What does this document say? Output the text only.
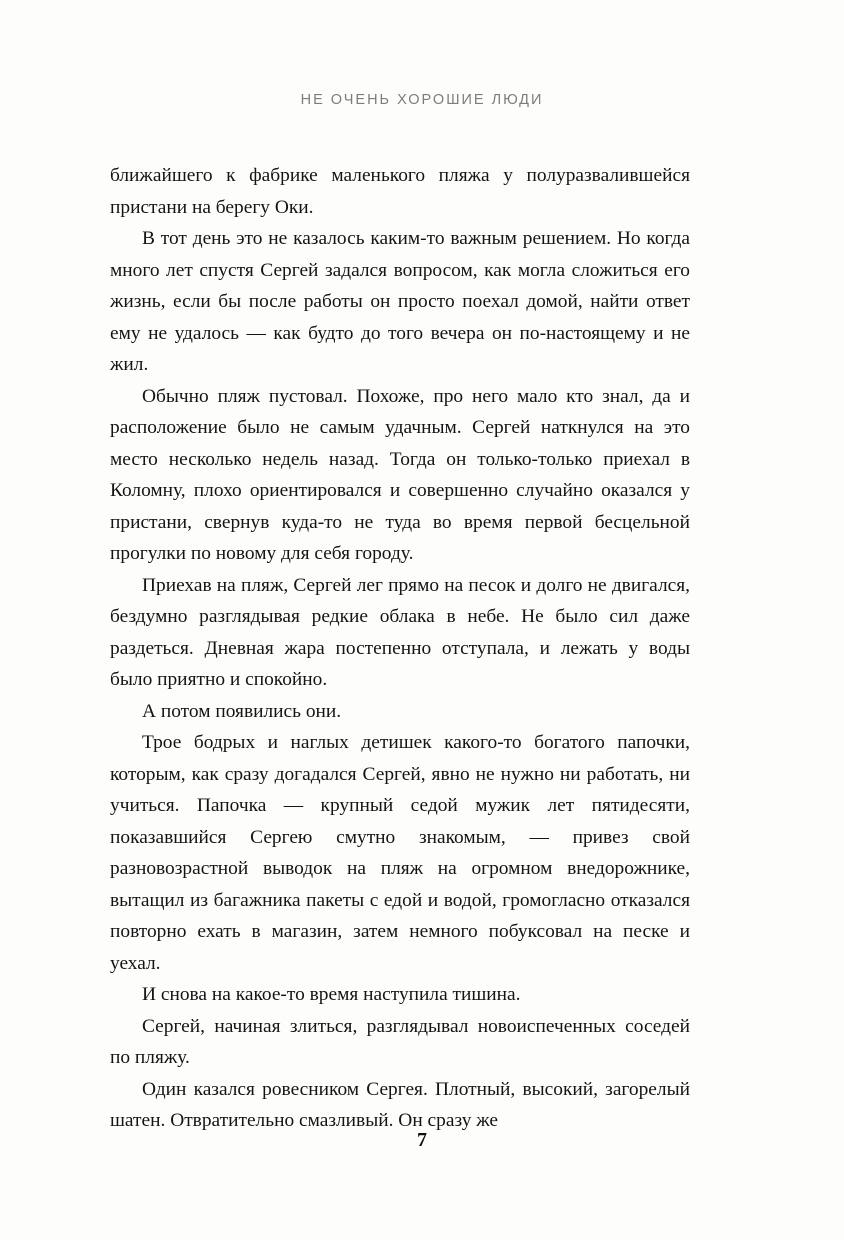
НЕ ОЧЕНЬ ХОРОШИЕ ЛЮДИ

ближайшего к фабрике маленького пляжа у полуразвалившейся пристани на берегу Оки.

В тот день это не казалось каким-то важным решением. Но когда много лет спустя Сергей задался вопросом, как могла сложиться его жизнь, если бы после работы он просто поехал домой, найти ответ ему не удалось — как будто до того вечера он по-настоящему и не жил.

Обычно пляж пустовал. Похоже, про него мало кто знал, да и расположение было не самым удачным. Сергей наткнулся на это место несколько недель назад. Тогда он только-только приехал в Коломну, плохо ориентировался и совершенно случайно оказался у пристани, свернув куда-то не туда во время первой бесцельной прогулки по новому для себя городу.

Приехав на пляж, Сергей лег прямо на песок и долго не двигался, бездумно разглядывая редкие облака в небе. Не было сил даже раздеться. Дневная жара постепенно отступала, и лежать у воды было приятно и спокойно.

А потом появились они.

Трое бодрых и наглых детишек какого-то богатого папочки, которым, как сразу догадался Сергей, явно не нужно ни работать, ни учиться. Папочка — крупный седой мужик лет пятидесяти, показавшийся Сергею смутно знакомым, — привез свой разновозрастной выводок на пляж на огромном внедорожнике, вытащил из багажника пакеты с едой и водой, громогласно отказался повторно ехать в магазин, затем немного побуксовал на песке и уехал.

И снова на какое-то время наступила тишина.

Сергей, начиная злиться, разглядывал новоиспеченных соседей по пляжу.

Один казался ровесником Сергея. Плотный, высокий, загорелый шатен. Отвратительно смазливый. Он сразу же

7
